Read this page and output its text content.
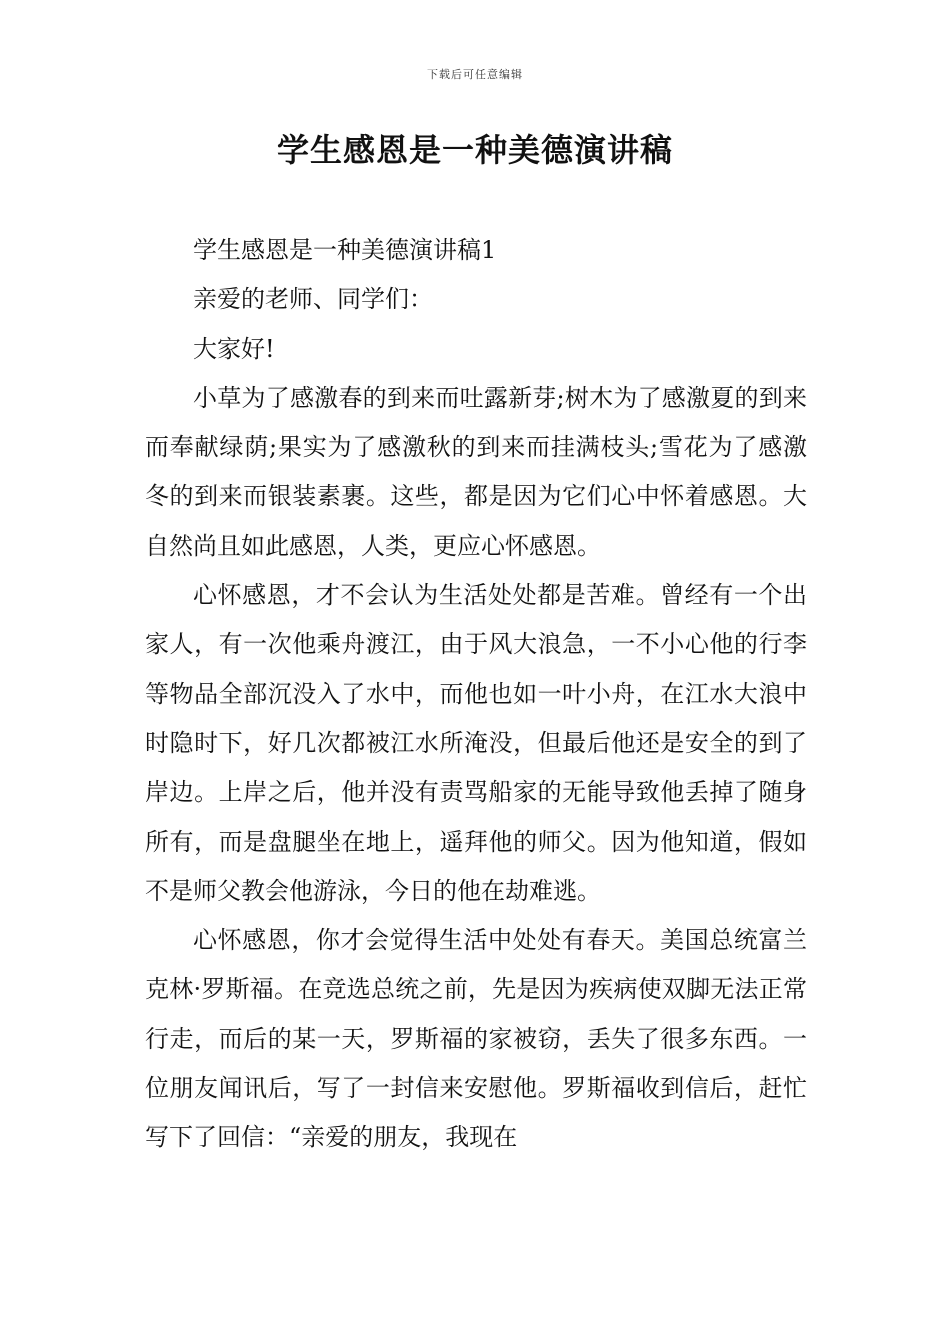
下载后可任意编辑
学生感恩是一种美德演讲稿

学生感恩是一种美德演讲稿1

亲爱的老师、同学们：

大家好!

小草为了感激春的到来而吐露新芽;树木为了感激夏的到来而奉献绿荫;果实为了感激秋的到来而挂满枝头;雪花为了感激冬的到来而银装素裹。这些，都是因为它们心中怀着感恩。大自然尚且如此感恩，人类，更应心怀感恩。

心怀感恩，才不会认为生活处处都是苦难。曾经有一个出家人，有一次他乘舟渡江，由于风大浪急，一不小心他的行李等物品全部沉没入了水中，而他也如一叶小舟，在江水大浪中时隐时下，好几次都被江水所淹没，但最后他还是安全的到了岸边。上岸之后，他并没有责骂船家的无能导致他丢掉了随身所有，而是盘腿坐在地上，遥拜他的师父。因为他知道，假如不是师父教会他游泳，今日的他在劫难逃。

心怀感恩，你才会觉得生活中处处有春天。美国总统富兰克林·罗斯福。在竞选总统之前，先是因为疾病使双脚无法正常行走，而后的某一天，罗斯福的家被窃，丢失了很多东西。一位朋友闻讯后，写了一封信来安慰他。罗斯福收到信后，赶忙写下了回信：“亲爱的朋友，我现在
